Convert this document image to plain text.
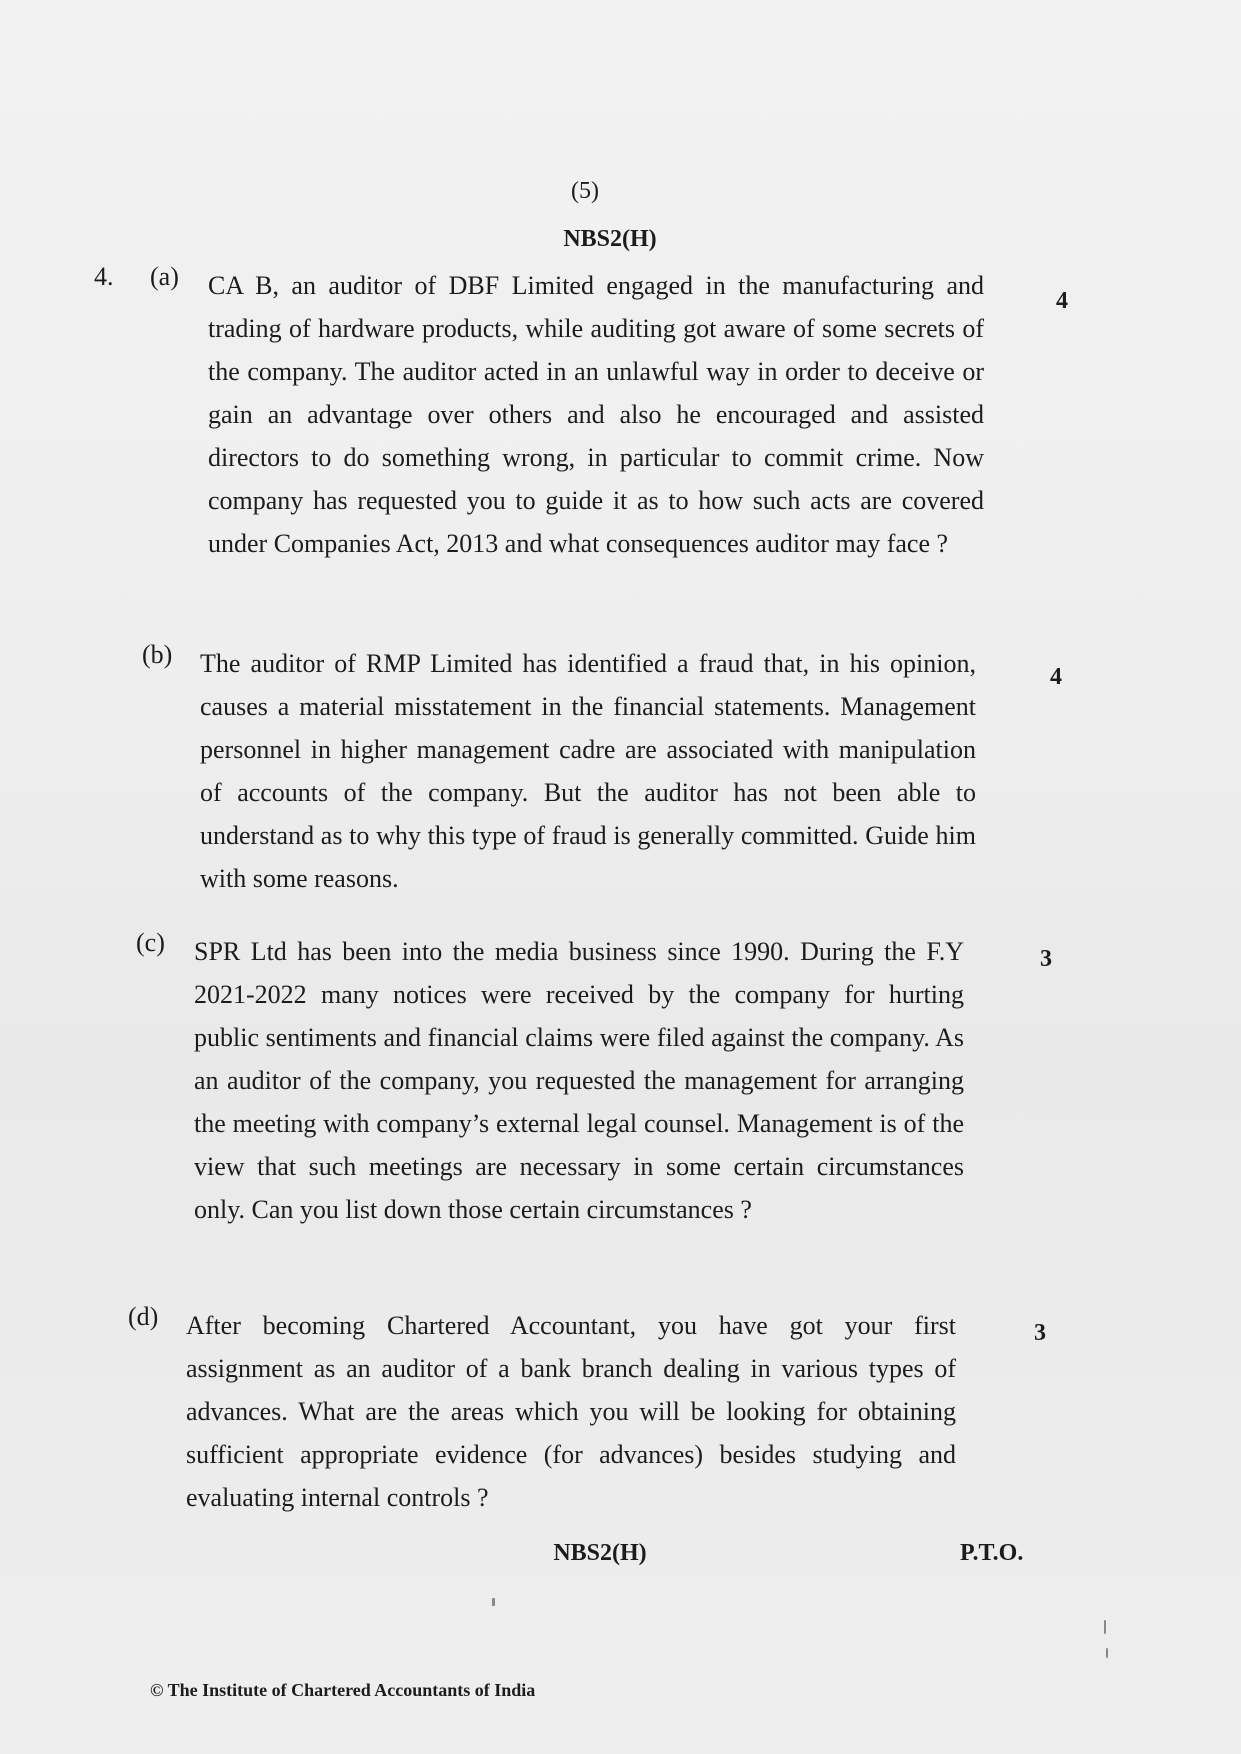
(5)
NBS2(H)
4. (a) CA B, an auditor of DBF Limited engaged in the manufacturing and trading of hardware products, while auditing got aware of some secrets of the company. The auditor acted in an unlawful way in order to deceive or gain an advantage over others and also he encouraged and assisted directors to do something wrong, in particular to commit crime. Now company has requested you to guide it as to how such acts are covered under Companies Act, 2013 and what consequences auditor may face ?
4
(b) The auditor of RMP Limited has identified a fraud that, in his opinion, causes a material misstatement in the financial statements. Management personnel in higher management cadre are associated with manipulation of accounts of the company. But the auditor has not been able to understand as to why this type of fraud is generally committed. Guide him with some reasons.
4
(c) SPR Ltd has been into the media business since 1990. During the F.Y 2021-2022 many notices were received by the company for hurting public sentiments and financial claims were filed against the company. As an auditor of the company, you requested the management for arranging the meeting with company’s external legal counsel. Management is of the view that such meetings are necessary in some certain circumstances only. Can you list down those certain circumstances ?
3
(d) After becoming Chartered Accountant, you have got your first assignment as an auditor of a bank branch dealing in various types of advances. What are the areas which you will be looking for obtaining sufficient appropriate evidence (for advances) besides studying and evaluating internal controls ?
3
NBS2(H)	P.T.O.
© The Institute of Chartered Accountants of India
